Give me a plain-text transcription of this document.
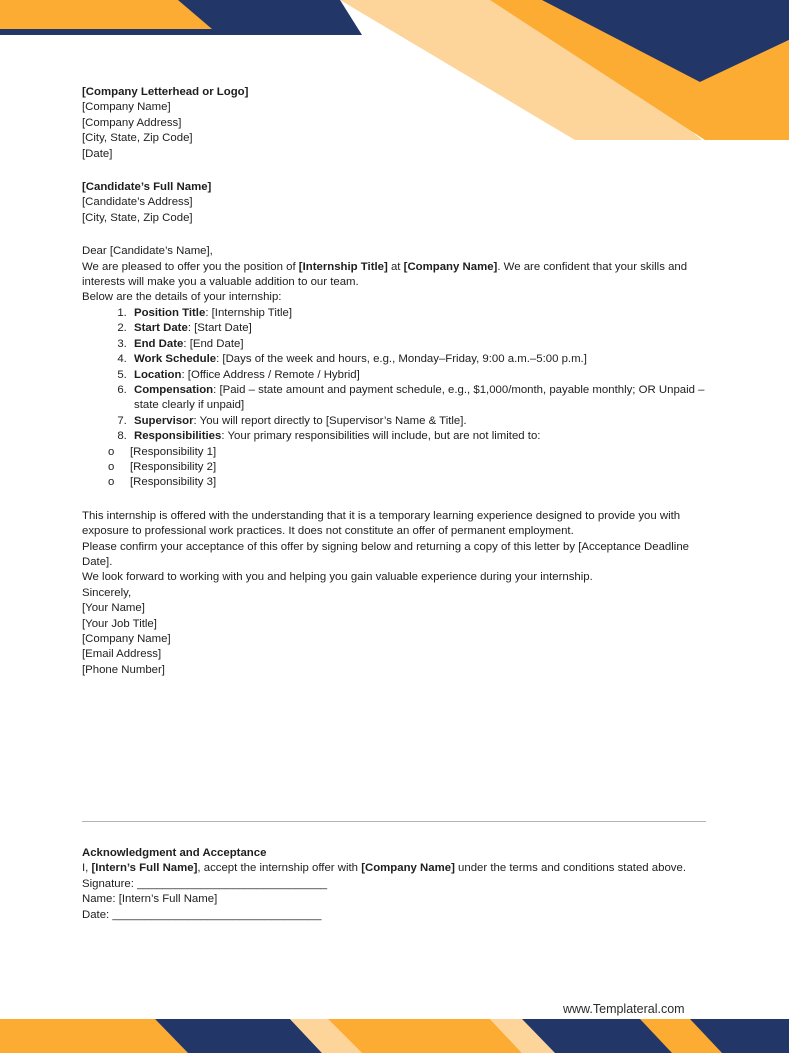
[Company Letterhead or Logo]

[Company Name]

[Company Address]

[City, State, Zip Code]

[Date]

[Candidate’s Full Name]

[Candidate’s Address]

[City, State, Zip Code]

Dear [Candidate’s Name],

We are pleased to offer you the position of [Internship Title] at [Company Name]. We are confident that your skills and interests will make you a valuable addition to our team.

Below are the details of your internship:

1. Position Title: [Internship Title]
2. Start Date: [Start Date]
3. End Date: [End Date]
4. Work Schedule: [Days of the week and hours, e.g., Monday–Friday, 9:00 a.m.–5:00 p.m.]
5. Location: [Office Address / Remote / Hybrid]
6. Compensation: [Paid – state amount and payment schedule, e.g., $1,000/month, payable monthly; OR Unpaid – state clearly if unpaid]
7. Supervisor: You will report directly to [Supervisor’s Name & Title].
8. Responsibilities: Your primary responsibilities will include, but are not limited to:
o [Responsibility 1]
o [Responsibility 2]
o [Responsibility 3]

This internship is offered with the understanding that it is a temporary learning experience designed to provide you with exposure to professional work practices. It does not constitute an offer of permanent employment.

Please confirm your acceptance of this offer by signing below and returning a copy of this letter by [Acceptance Deadline Date].

We look forward to working with you and helping you gain valuable experience during your internship.

Sincerely,

[Your Name]

[Your Job Title]

[Company Name]

[Email Address]

[Phone Number]

Acknowledgment and Acceptance

I, [Intern’s Full Name], accept the internship offer with [Company Name] under the terms and conditions stated above.

Signature: ______________________________

Name: [Intern’s Full Name]

Date: _________________________________

www.Templateral.com
